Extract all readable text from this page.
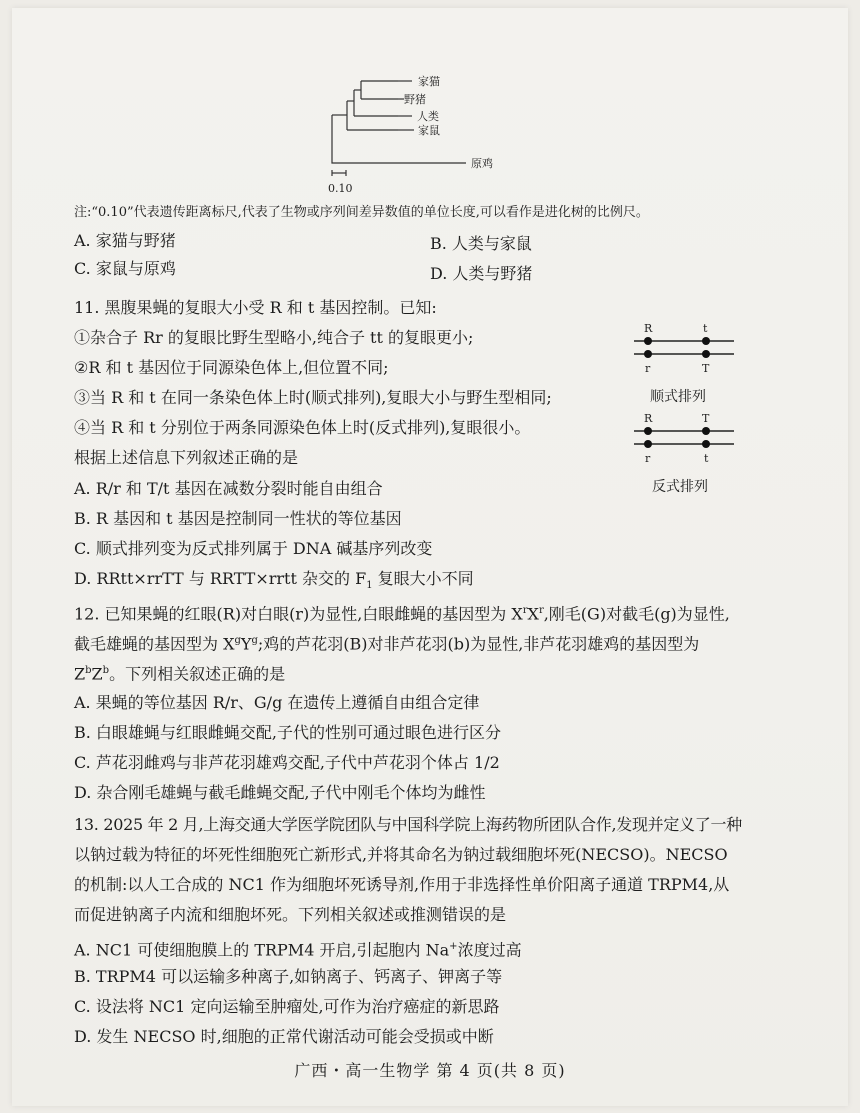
家猫
野猪
人类
家鼠
原鸡
0.10
注:“0.10”代表遗传距离标尺,代表了生物或序列间差异数值的单位长度,可以看作是进化树的比例尺。
A. 家猫与野猪	B. 人类与家鼠
C. 家鼠与原鸡	D. 人类与野猪
11. 黑腹果蝇的复眼大小受 R 和 t 基因控制。已知:
①杂合子 Rr 的复眼比野生型略小,纯合子 tt 的复眼更小;
②R 和 t 基因位于同源染色体上,但位置不同;
③当 R 和 t 在同一条染色体上时(顺式排列),复眼大小与野生型相同;
④当 R 和 t 分别位于两条同源染色体上时(反式排列),复眼很小。
根据上述信息下列叙述正确的是
A. R/r 和 T/t 基因在减数分裂时能自由组合
B. R 基因和 t 基因是控制同一性状的等位基因
C. 顺式排列变为反式排列属于 DNA 碱基序列改变
D. RRtt×rrTT 与 RRTT×rrtt 杂交的 $F_1$ 复眼大小不同
R	t
r	T
顺式排列
R	T
r	t
反式排列
12. 已知果蝇的红眼(R)对白眼(r)为显性,白眼雌蝇的基因型为 $X^rX^r$,刚毛(G)对截毛(g)为显性,
截毛雄蝇的基因型为 $X^gY^g$;鸡的芦花羽(B)对非芦花羽(b)为显性,非芦花羽雄鸡的基因型为
$Z^bZ^b$。下列相关叙述正确的是
A. 果蝇的等位基因 R/r、G/g 在遗传上遵循自由组合定律
B. 白眼雄蝇与红眼雌蝇交配,子代的性别可通过眼色进行区分
C. 芦花羽雌鸡与非芦花羽雄鸡交配,子代中芦花羽个体占 1/2
D. 杂合刚毛雄蝇与截毛雌蝇交配,子代中刚毛个体均为雌性
13. 2025 年 2 月,上海交通大学医学院团队与中国科学院上海药物所团队合作,发现并定义了一种
以钠过载为特征的坏死性细胞死亡新形式,并将其命名为钠过载细胞坏死(NECSO)。NECSO
的机制:以人工合成的 NC1 作为细胞坏死诱导剂,作用于非选择性单价阳离子通道 TRPM4,从
而促进钠离子内流和细胞坏死。下列相关叙述或推测错误的是
A. NC1 可使细胞膜上的 TRPM4 开启,引起胞内 Na+浓度过高
B. TRPM4 可以运输多种离子,如钠离子、钙离子、钾离子等
C. 设法将 NC1 定向运输至肿瘤处,可作为治疗癌症的新思路
D. 发生 NECSO 时,细胞的正常代谢活动可能会受损或中断
广西・高一生物学 第 4 页(共 8 页)
